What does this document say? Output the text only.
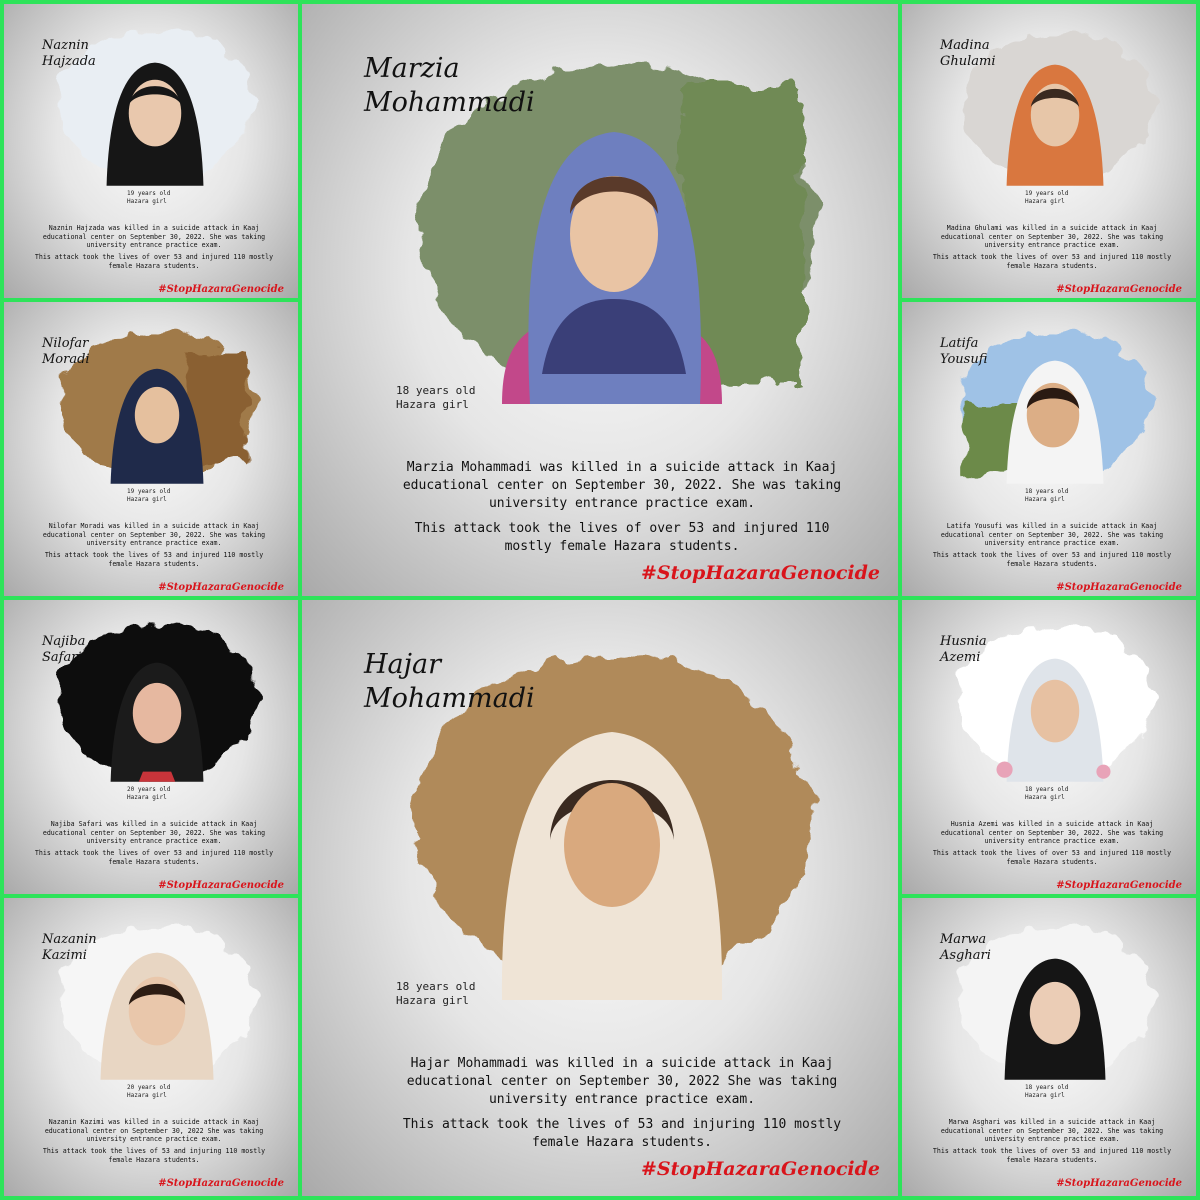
Naznin
Hajzada
19 years old
Hazara girl

Naznin Hajzada was killed in a suicide attack in Kaaj educational center on September 30, 2022. She was taking university entrance practice exam.

This attack took the lives of over 53 and injured 110 mostly female Hazara students.

#StopHazaraGenocide
Marzia
Mohammadi
18 years old
Hazara girl

Marzia Mohammadi was killed in a suicide attack in Kaaj educational center on September 30, 2022. She was taking university entrance practice exam.

This attack took the lives of over 53 and injured 110 mostly female Hazara students.

#StopHazaraGenocide
Madina
Ghulami
19 years old
Hazara girl

Madina Ghulami was killed in a suicide attack in Kaaj educational center on September 30, 2022. She was taking university entrance practice exam.

This attack took the lives of over 53 and injured 110 mostly female Hazara students.

#StopHazaraGenocide
Nilofar
Moradi
19 years old
Hazara girl

Nilofar Moradi was killed in a suicide attack in Kaaj educational center on September 30, 2022. She was taking university entrance practice exam.

This attack took the lives of 53 and injured 110 mostly female Hazara students.

#StopHazaraGenocide
Latifa
Yousufi
18 years old
Hazara girl

Latifa Yousufi was killed in a suicide attack in Kaaj educational center on September 30, 2022. She was taking university entrance practice exam.

This attack took the lives of over 53 and injured 110 mostly female Hazara students.

#StopHazaraGenocide
Najiba
Safari
20 years old
Hazara girl

Najiba Safari was killed in a suicide attack in Kaaj educational center on September 30, 2022. She was taking university entrance practice exam.

This attack took the lives of over 53 and injured 110 mostly female Hazara students.

#StopHazaraGenocide
Hajar
Mohammadi
18 years old
Hazara girl

Hajar Mohammadi was killed in a suicide attack in Kaaj educational center on September 30, 2022 She was taking university entrance practice exam.

This attack took the lives of 53 and injuring 110 mostly female Hazara students.

#StopHazaraGenocide
Husnia
Azemi
18 years old
Hazara girl

Husnia Azemi was killed in a suicide attack in Kaaj educational center on September 30, 2022. She was taking university entrance practice exam.

This attack took the lives of over 53 and injured 110 mostly female Hazara students.

#StopHazaraGenocide
Nazanin
Kazimi
20 years old
Hazara girl

Nazanin Kazimi was killed in a suicide attack in Kaaj educational center on September 30, 2022 She was taking university entrance practice exam.

This attack took the lives of 53 and injuring 110 mostly female Hazara students.

#StopHazaraGenocide
Marwa
Asghari
18 years old
Hazara girl

Marwa Asghari was killed in a suicide attack in Kaaj educational center on September 30, 2022. She was taking university entrance practice exam.

This attack took the lives of over 53 and injured 110 mostly female Hazara students.

#StopHazaraGenocide
